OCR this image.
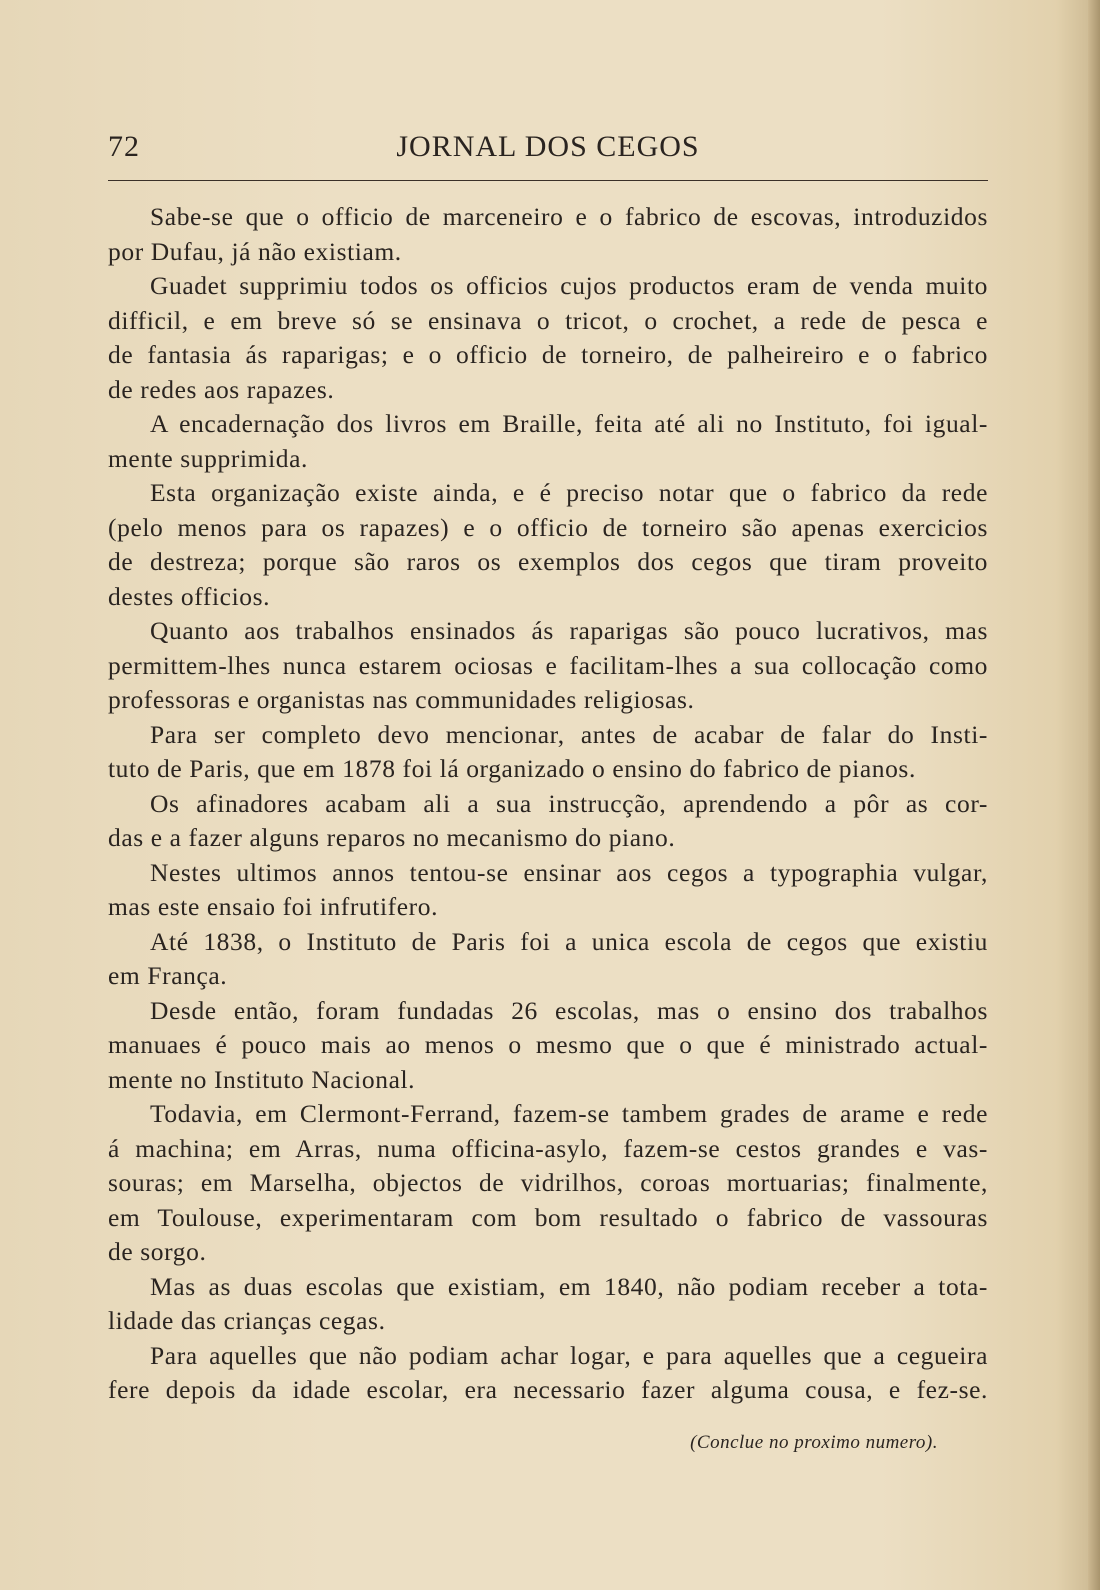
72	JORNAL DOS CEGOS
Sabe-se que o officio de marceneiro e o fabrico de escovas, introduzidos
por Dufau, já não existiam.
Guadet supprimiu todos os officios cujos productos eram de venda muito
difficil, e em breve só se ensinava o tricot, o crochet, a rede de pesca e
de fantasia ás raparigas; e o officio de torneiro, de palheireiro e o fabrico
de redes aos rapazes.
A encadernação dos livros em Braille, feita até ali no Instituto, foi igual-
mente supprimida.
Esta organização existe ainda, e é preciso notar que o fabrico da rede
(pelo menos para os rapazes) e o officio de torneiro são apenas exercicios
de destreza; porque são raros os exemplos dos cegos que tiram proveito
destes officios.
Quanto aos trabalhos ensinados ás raparigas são pouco lucrativos, mas
permittem-lhes nunca estarem ociosas e facilitam-lhes a sua collocação como
professoras e organistas nas communidades religiosas.
Para ser completo devo mencionar, antes de acabar de falar do Insti-
tuto de Paris, que em 1878 foi lá organizado o ensino do fabrico de pianos.
Os afinadores acabam ali a sua instrucção, aprendendo a pôr as cor-
das e a fazer alguns reparos no mecanismo do piano.
Nestes ultimos annos tentou-se ensinar aos cegos a typographia vulgar,
mas este ensaio foi infrutifero.
Até 1838, o Instituto de Paris foi a unica escola de cegos que existiu
em França.
Desde então, foram fundadas 26 escolas, mas o ensino dos trabalhos
manuaes é pouco mais ao menos o mesmo que o que é ministrado actual-
mente no Instituto Nacional.
Todavia, em Clermont-Ferrand, fazem-se tambem grades de arame e rede
á machina; em Arras, numa officina-asylo, fazem-se cestos grandes e vas-
souras; em Marselha, objectos de vidrilhos, coroas mortuarias; finalmente,
em Toulouse, experimentaram com bom resultado o fabrico de vassouras
de sorgo.
Mas as duas escolas que existiam, em 1840, não podiam receber a tota-
lidade das crianças cegas.
Para aquelles que não podiam achar logar, e para aquelles que a cegueira
fere depois da idade escolar, era necessario fazer alguma cousa, e fez-se.
(Conclue no proximo numero).
